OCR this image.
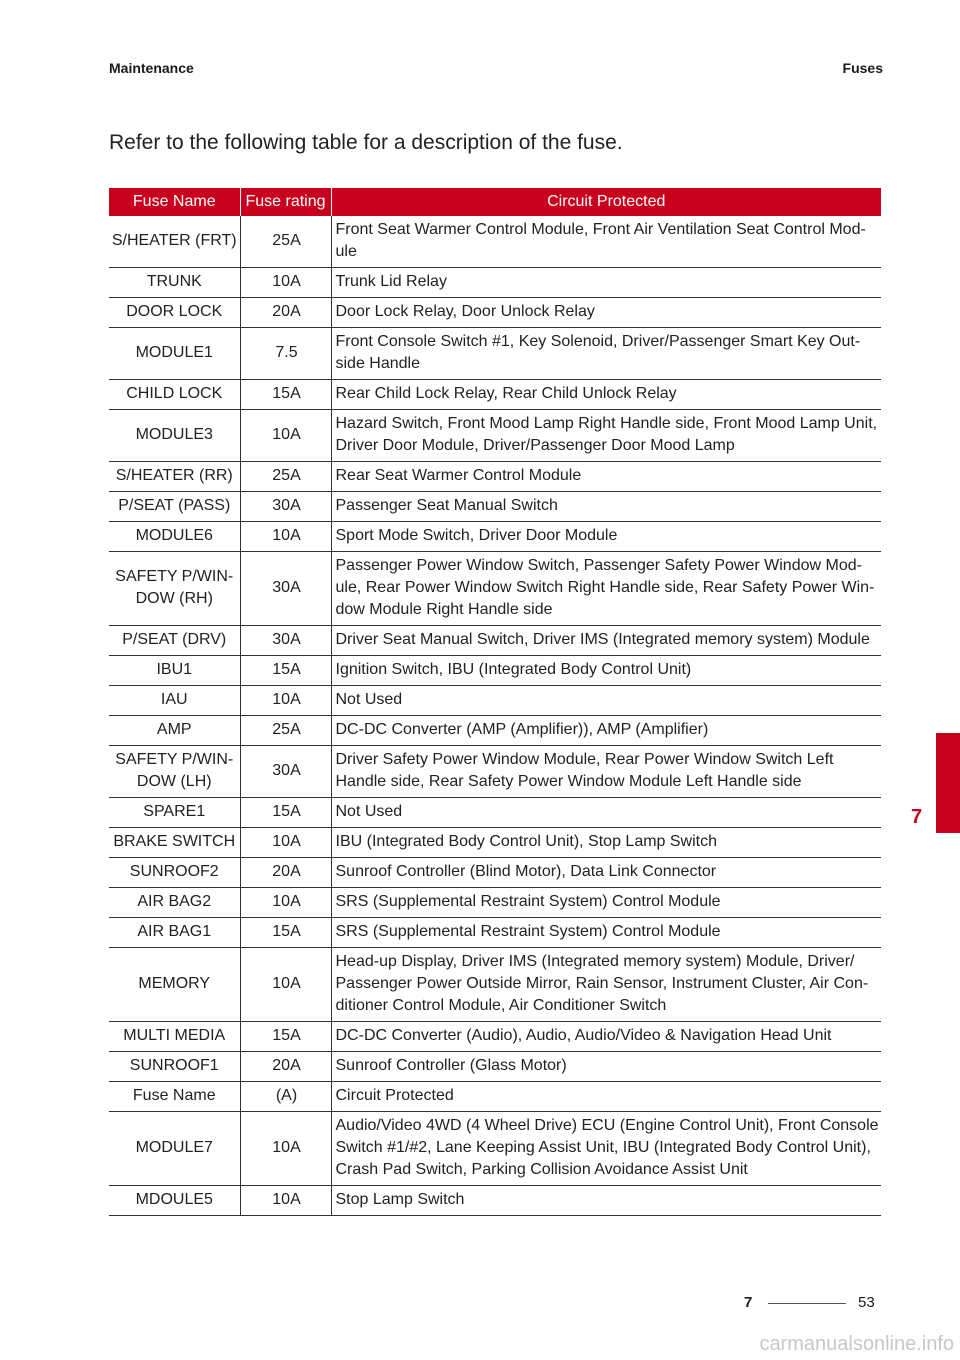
Maintenance	Fuses
Refer to the following table for a description of the fuse.
Fuse Name	Fuse rating	Circuit Protected
S/HEATER (FRT)	25A	Front Seat Warmer Control Module, Front Air Ventilation Seat Control Mod-ule
TRUNK	10A	Trunk Lid Relay
DOOR LOCK	20A	Door Lock Relay, Door Unlock Relay
MODULE1	7.5	Front Console Switch #1, Key Solenoid, Driver/Passenger Smart Key Out-side Handle
CHILD LOCK	15A	Rear Child Lock Relay, Rear Child Unlock Relay
MODULE3	10A	Hazard Switch, Front Mood Lamp Right Handle side, Front Mood Lamp Unit, Driver Door Module, Driver/Passenger Door Mood Lamp
S/HEATER (RR)	25A	Rear Seat Warmer Control Module
P/SEAT (PASS)	30A	Passenger Seat Manual Switch
MODULE6	10A	Sport Mode Switch, Driver Door Module
SAFETY P/WIN-DOW (RH)	30A	Passenger Power Window Switch, Passenger Safety Power Window Mod-ule, Rear Power Window Switch Right Handle side, Rear Safety Power Win-dow Module Right Handle side
P/SEAT (DRV)	30A	Driver Seat Manual Switch, Driver IMS (Integrated memory system) Module
IBU1	15A	Ignition Switch, IBU (Integrated Body Control Unit)
IAU	10A	Not Used
AMP	25A	DC-DC Converter (AMP (Amplifier)), AMP (Amplifier)
SAFETY P/WIN-DOW (LH)	30A	Driver Safety Power Window Module, Rear Power Window Switch Left Handle side, Rear Safety Power Window Module Left Handle side
SPARE1	15A	Not Used
BRAKE SWITCH	10A	IBU (Integrated Body Control Unit), Stop Lamp Switch
SUNROOF2	20A	Sunroof Controller (Blind Motor), Data Link Connector
AIR BAG2	10A	SRS (Supplemental Restraint System) Control Module
AIR BAG1	15A	SRS (Supplemental Restraint System) Control Module
MEMORY	10A	Head-up Display, Driver IMS (Integrated memory system) Module, Driver/ Passenger Power Outside Mirror, Rain Sensor, Instrument Cluster, Air Con-ditioner Control Module, Air Conditioner Switch
MULTI MEDIA	15A	DC-DC Converter (Audio), Audio, Audio/Video & Navigation Head Unit
SUNROOF1	20A	Sunroof Controller (Glass Motor)
Fuse Name	(A)	Circuit Protected
MODULE7	10A	Audio/Video 4WD (4 Wheel Drive) ECU (Engine Control Unit), Front Console Switch #1/#2, Lane Keeping Assist Unit, IBU (Integrated Body Control Unit), Crash Pad Switch, Parking Collision Avoidance Assist Unit
MDOULE5	10A	Stop Lamp Switch
7
7	53
carmanualsonline.info
